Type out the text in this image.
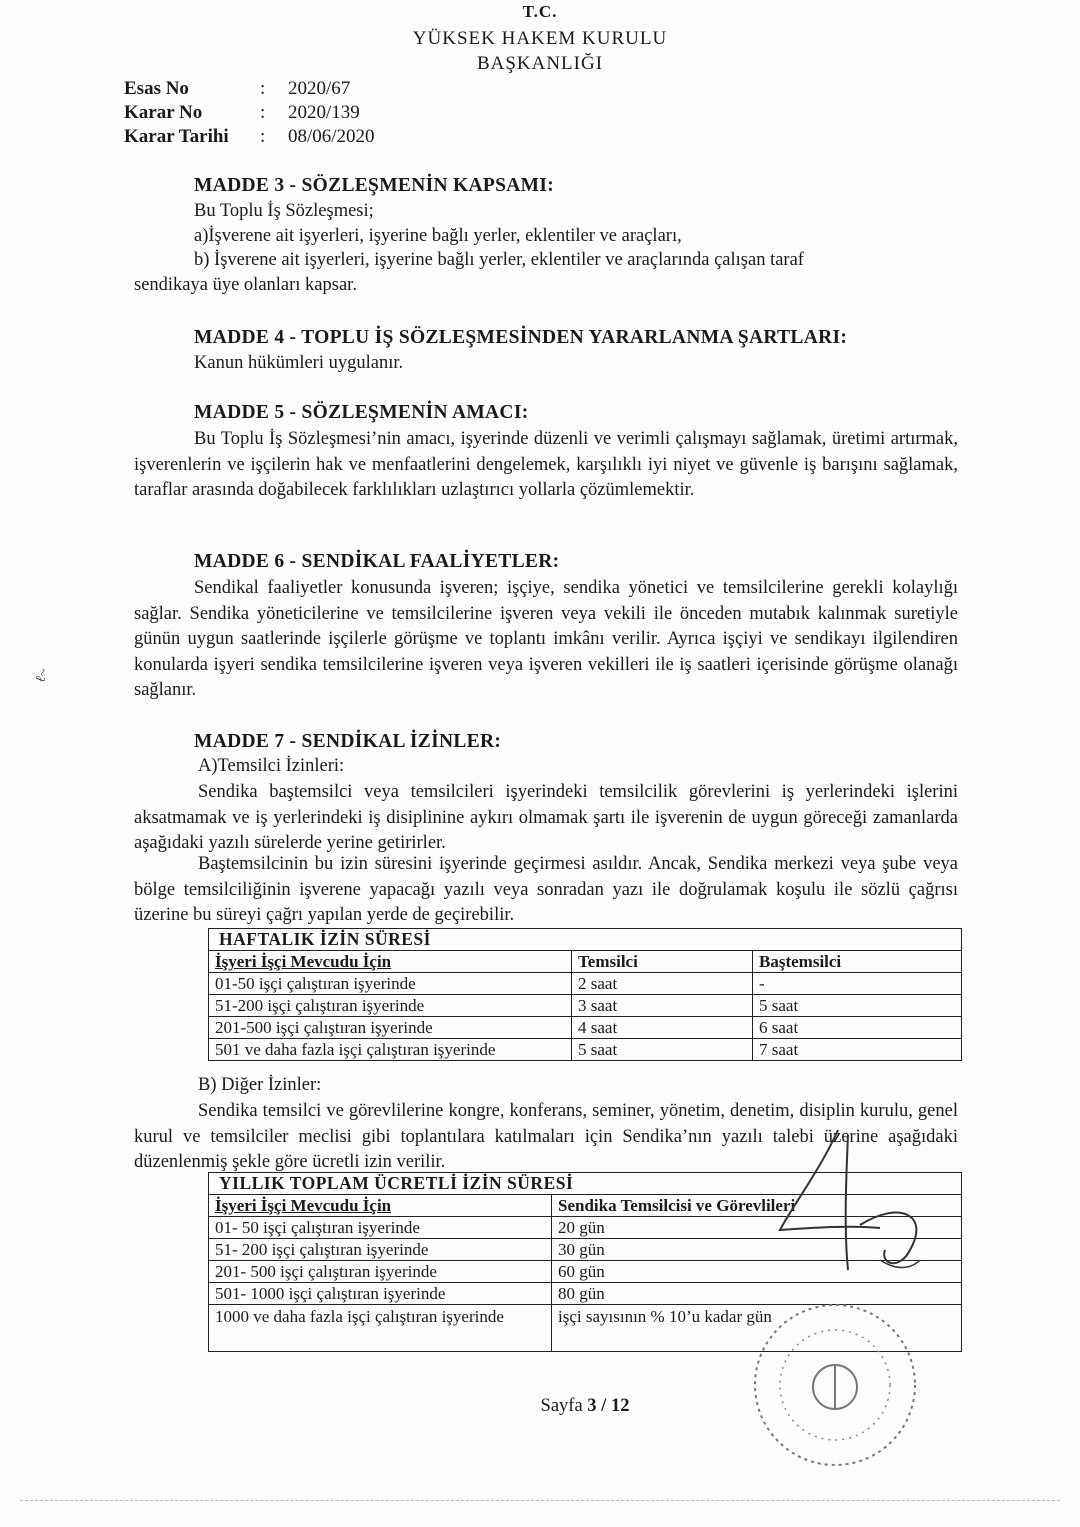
T.C.
YÜKSEK HAKEM KURULU
BAŞKANLIĞI
Esas No	:	2020/67
Karar No	:	2020/139
Karar Tarihi	:	08/06/2020
MADDE 3 - SÖZLEŞMENİN KAPSAMI:
Bu Toplu İş Sözleşmesi;
a)İşverene ait işyerleri, işyerine bağlı yerler, eklentiler ve araçları,
b) İşverene ait işyerleri, işyerine bağlı yerler, eklentiler ve araçlarında çalışan taraf
sendikaya üye olanları kapsar.
MADDE 4 - TOPLU İŞ SÖZLEŞMESİNDEN YARARLANMA ŞARTLARI:
Kanun hükümleri uygulanır.
MADDE 5 - SÖZLEŞMENİN AMACI:
Bu Toplu İş Sözleşmesi’nin amacı, işyerinde düzenli ve verimli çalışmayı sağlamak, üretimi artırmak, işverenlerin ve işçilerin hak ve menfaatlerini dengelemek, karşılıklı iyi niyet ve güvenle iş barışını sağlamak, taraflar arasında doğabilecek farklılıkları uzlaştırıcı yollarla çözümlemektir.
MADDE 6 - SENDİKAL FAALİYETLER:
Sendikal faaliyetler konusunda işveren; işçiye, sendika yönetici ve temsilcilerine gerekli kolaylığı sağlar. Sendika yöneticilerine ve temsilcilerine işveren veya vekili ile önceden mutabık kalınmak suretiyle günün uygun saatlerinde işçilerle görüşme ve toplantı imkânı verilir. Ayrıca işçiyi ve sendikayı ilgilendiren konularda işyeri sendika temsilcilerine işveren veya işveren vekilleri ile iş saatleri içerisinde görüşme olanağı sağlanır.
ℓ~
MADDE 7 - SENDİKAL İZİNLER:
A)Temsilci İzinleri:
Sendika baştemsilci veya temsilcileri işyerindeki temsilcilik görevlerini iş yerlerindeki işlerini aksatmamak ve iş yerlerindeki iş disiplinine aykırı olmamak şartı ile işverenin de uygun göreceği zamanlarda aşağıdaki yazılı sürelerde yerine getirirler.
Baştemsilcinin bu izin süresini işyerinde geçirmesi asıldır. Ancak, Sendika merkezi veya şube veya bölge temsilciliğinin işverene yapacağı yazılı veya sonradan yazı ile doğrulamak koşulu ile sözlü çağrısı üzerine bu süreyi çağrı yapılan yerde de geçirebilir.
HAFTALIK İZİN SÜRESİ		
İşyeri İşçi Mevcudu İçin	Temsilci	Baştemsilci
01-50 işçi çalıştıran işyerinde	2 saat	-
51-200 işçi çalıştıran işyerinde	3 saat	5 saat
201-500 işçi çalıştıran işyerinde	4 saat	6 saat
501 ve daha fazla işçi çalıştıran işyerinde	5 saat	7 saat
B) Diğer İzinler:
Sendika temsilci ve görevlilerine kongre, konferans, seminer, yönetim, denetim, disiplin kurulu, genel kurul ve temsilciler meclisi gibi toplantılara katılmaları için Sendika’nın yazılı talebi üzerine aşağıdaki düzenlenmiş şekle göre ücretli izin verilir.
YILLIK TOPLAM ÜCRETLİ İZİN SÜRESİ	
İşyeri İşçi Mevcudu İçin	Sendika Temsilcisi ve Görevlileri
01- 50 işçi çalıştıran işyerinde	20 gün
51- 200 işçi çalıştıran işyerinde	30 gün
201- 500 işçi çalıştıran işyerinde	60 gün
501- 1000 işçi çalıştıran işyerinde	80 gün
1000 ve daha fazla işçi çalıştıran işyerinde	işçi sayısının % 10’u kadar gün
Sayfa 3 / 12
